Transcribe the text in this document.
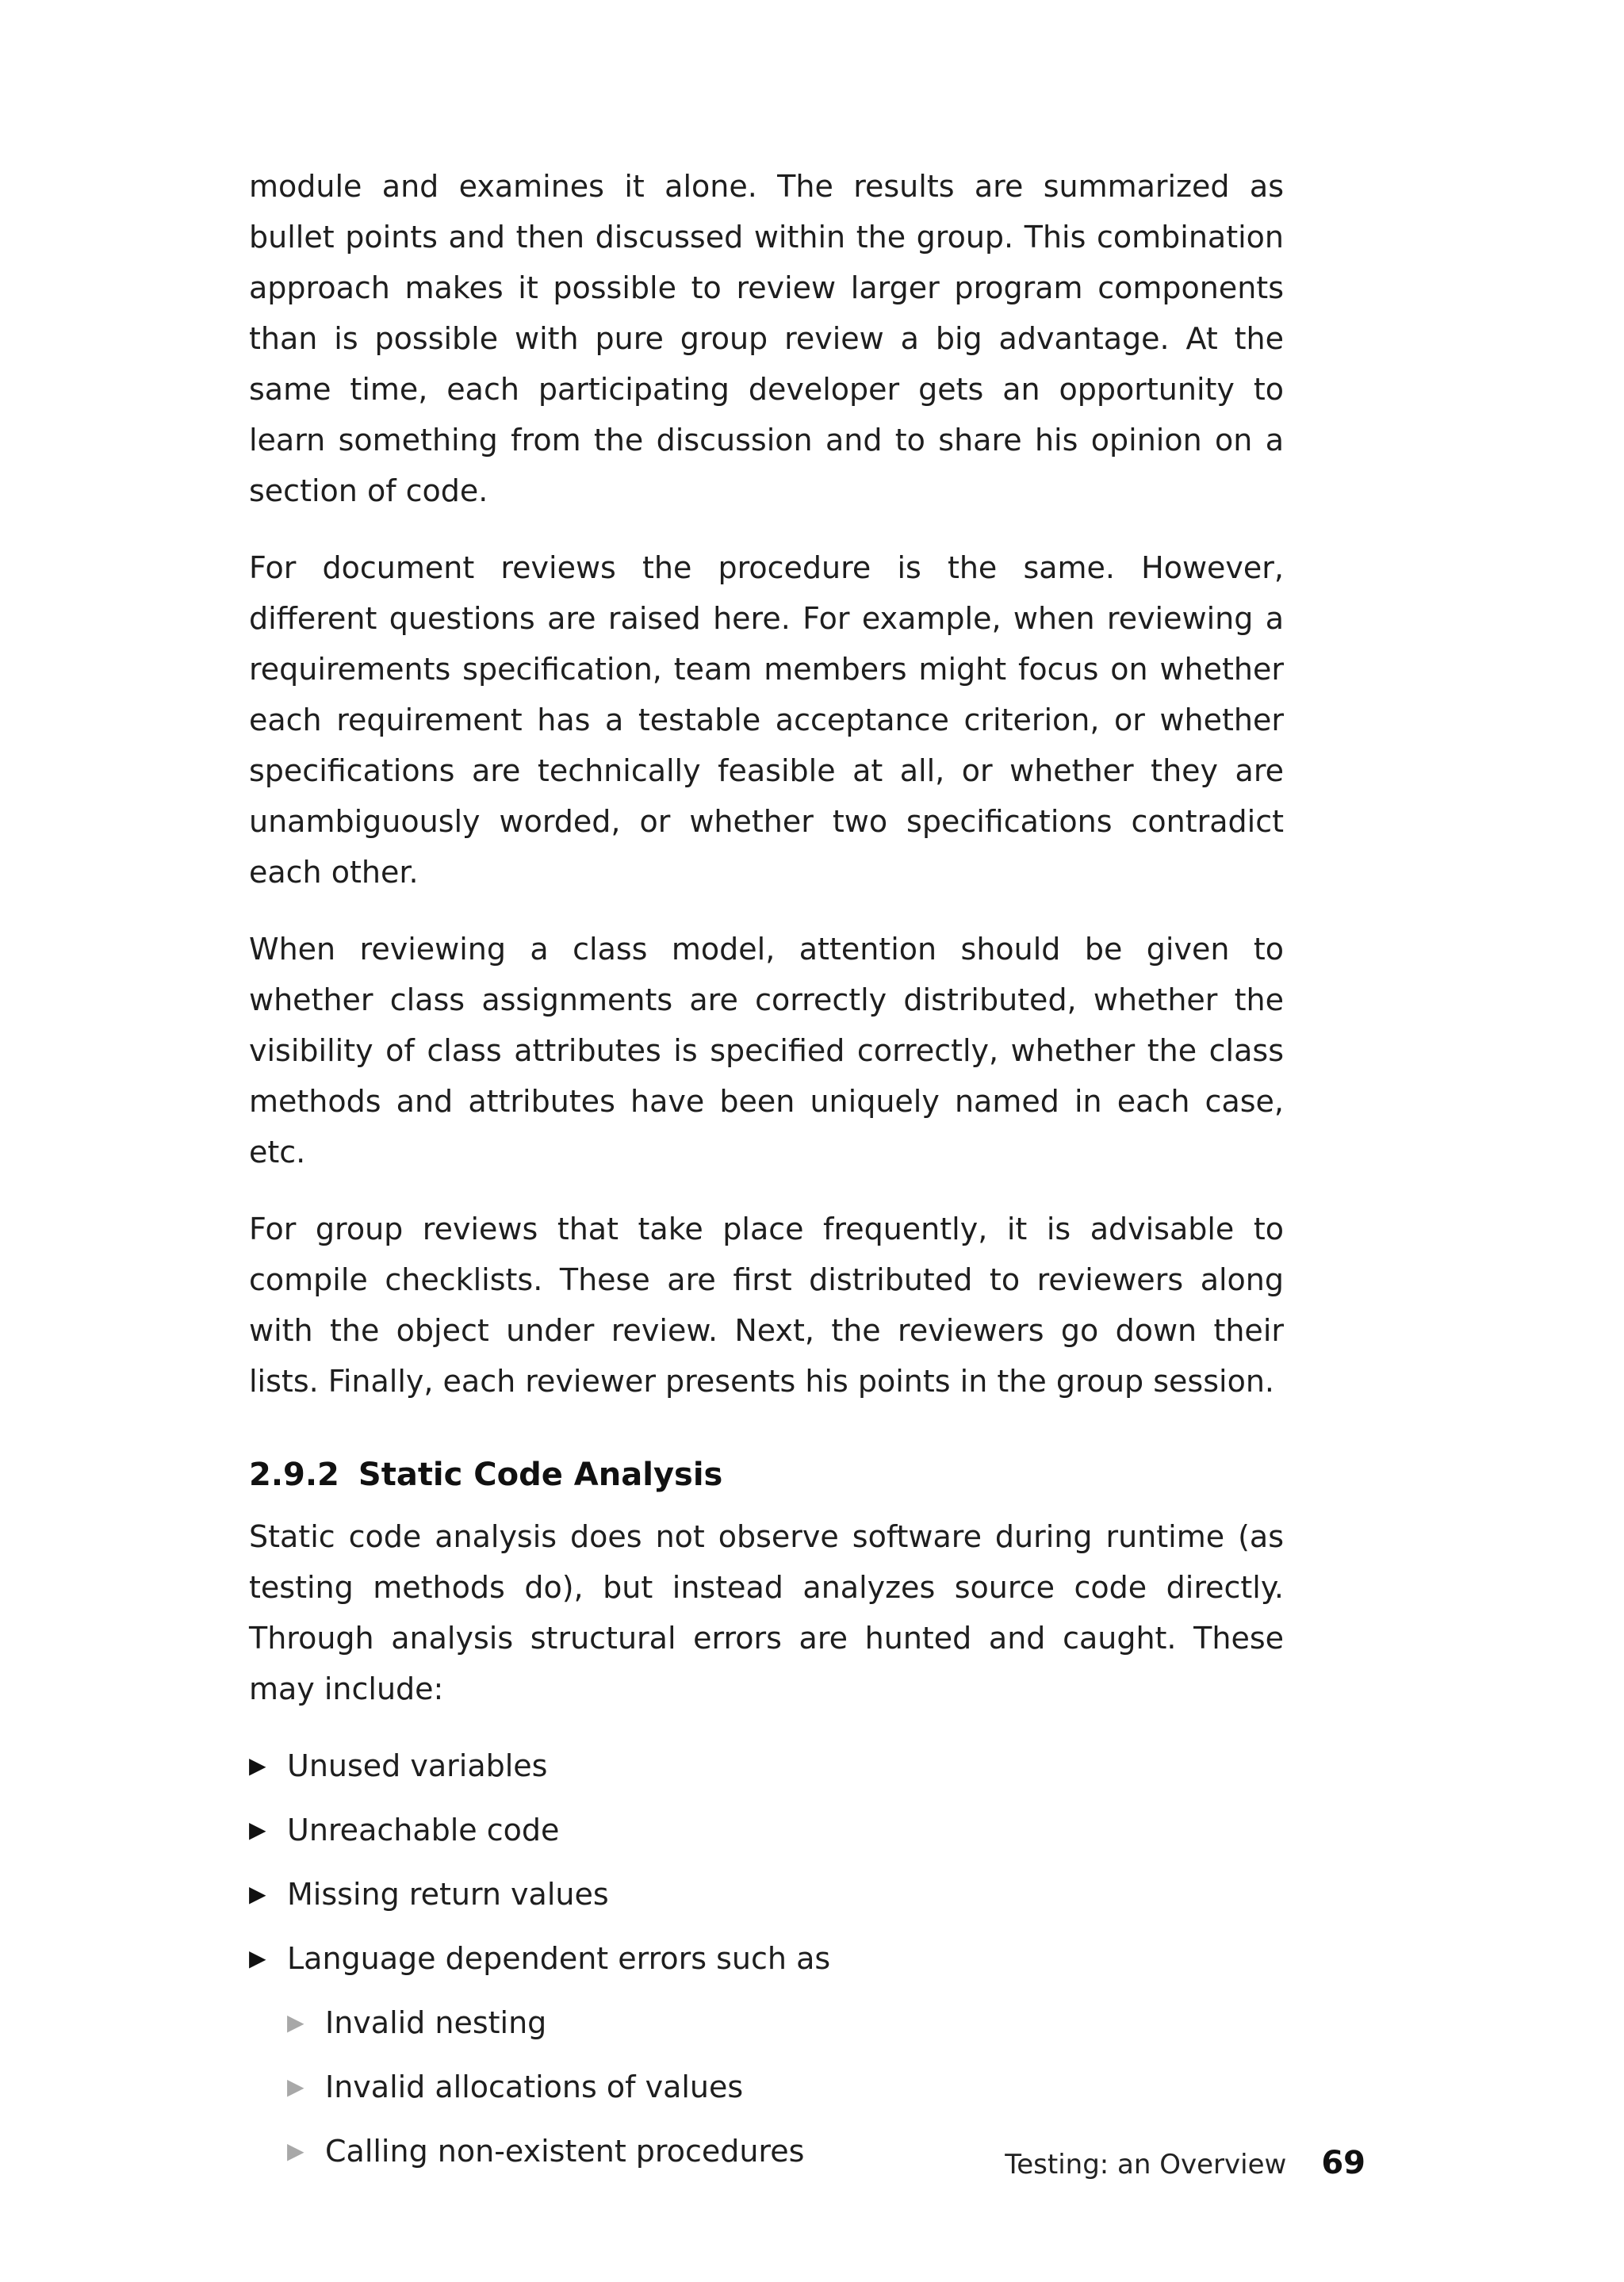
module and examines it alone. The results are summarized as bullet points and then discussed within the group. This combination approach makes it possible to review larger program components than is possible with pure group review a big advantage. At the same time, each participating developer gets an opportunity to learn something from the discussion and to share his opinion on a section of code.

For document reviews the procedure is the same. However, different questions are raised here. For example, when reviewing a requirements specification, team members might focus on whether each requirement has a testable acceptance criterion, or whether specifications are technically feasible at all, or whether they are unambiguously worded, or whether two specifications contradict each other.

When reviewing a class model, attention should be given to whether class assignments are correctly distributed, whether the visibility of class attributes is specified correctly, whether the class methods and attributes have been uniquely named in each case, etc.

For group reviews that take place frequently, it is advisable to compile checklists. These are first distributed to reviewers along with the object under review. Next, the reviewers go down their lists. Finally, each reviewer presents his points in the group session.

2.9.2 Static Code Analysis

Static code analysis does not observe software during runtime (as testing methods do), but instead analyzes source code directly. Through analysis structural errors are hunted and caught. These may include:

▶ Unused variables
▶ Unreachable code
▶ Missing return values
▶ Language dependent errors such as
▶ Invalid nesting
▶ Invalid allocations of values
▶ Calling non-existent procedures	Testing: an Overview 69
